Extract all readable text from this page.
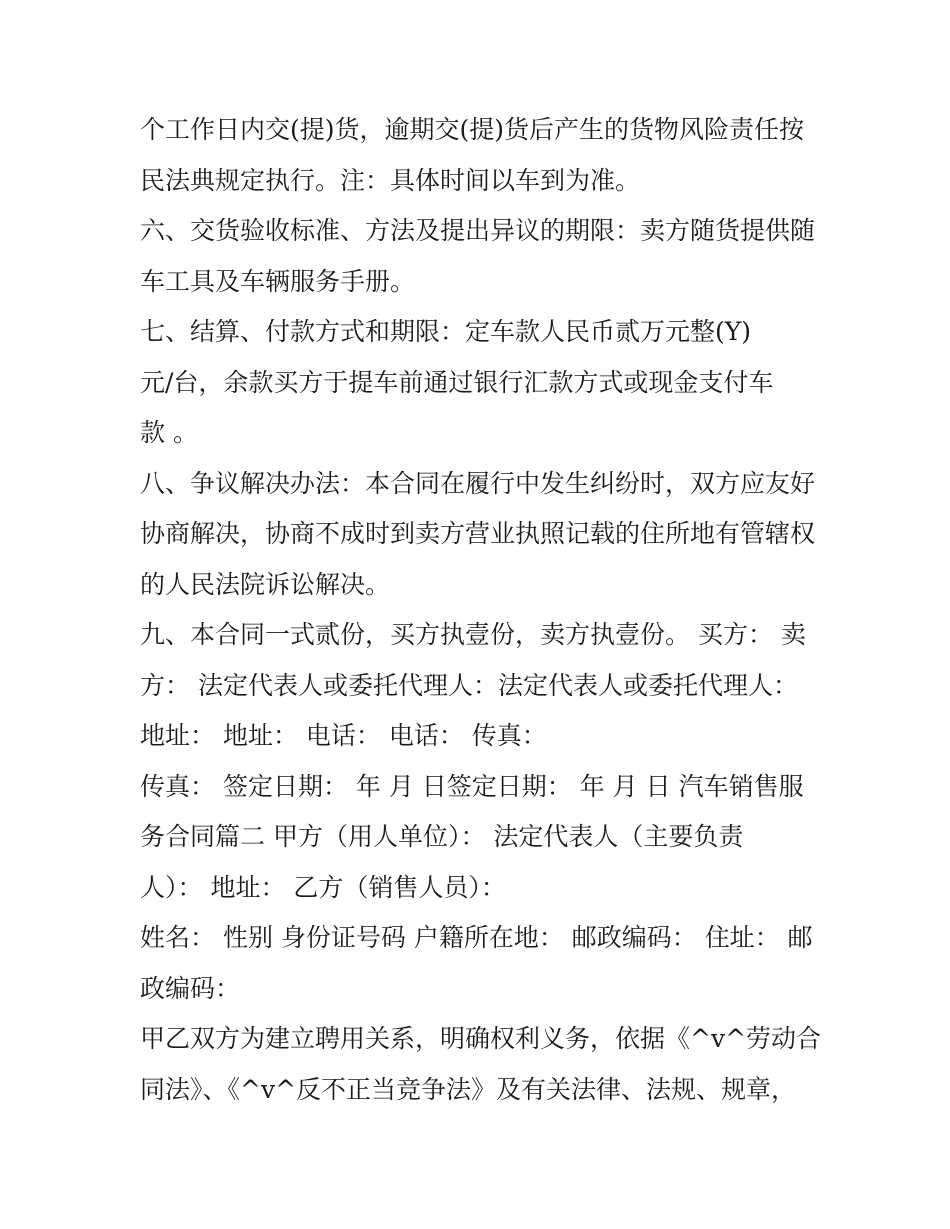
个工作日内交(提)货，逾期交(提)货后产生的货物风险责任按

民法典规定执行。注：具体时间以车到为准。

六、交货验收标准、方法及提出异议的期限：卖方随货提供随

车工具及车辆服务手册。

七、结算、付款方式和期限：定车款人民币贰万元整(Y)

元/台，余款买方于提车前通过银行汇款方式或现金支付车

款 。

八、争议解决办法：本合同在履行中发生纠纷时，双方应友好

协商解决，协商不成时到卖方营业执照记载的住所地有管辖权

的人民法院诉讼解决。

九、本合同一式贰份，买方执壹份，卖方执壹份。 买方： 卖

方： 法定代表人或委托代理人：法定代表人或委托代理人：

地址： 地址： 电话： 电话： 传真：

传真： 签定日期： 年 月 日签定日期： 年 月 日 汽车销售服

务合同篇二 甲方（用人单位）： 法定代表人（主要负责

人）： 地址： 乙方（销售人员）：

姓名： 性别 身份证号码 户籍所在地： 邮政编码： 住址： 邮

政编码：

甲乙双方为建立聘用关系，明确权利义务，依据《^v^劳动合

同法》、《^v^反不正当竞争法》及有关法律、法规、规章，
